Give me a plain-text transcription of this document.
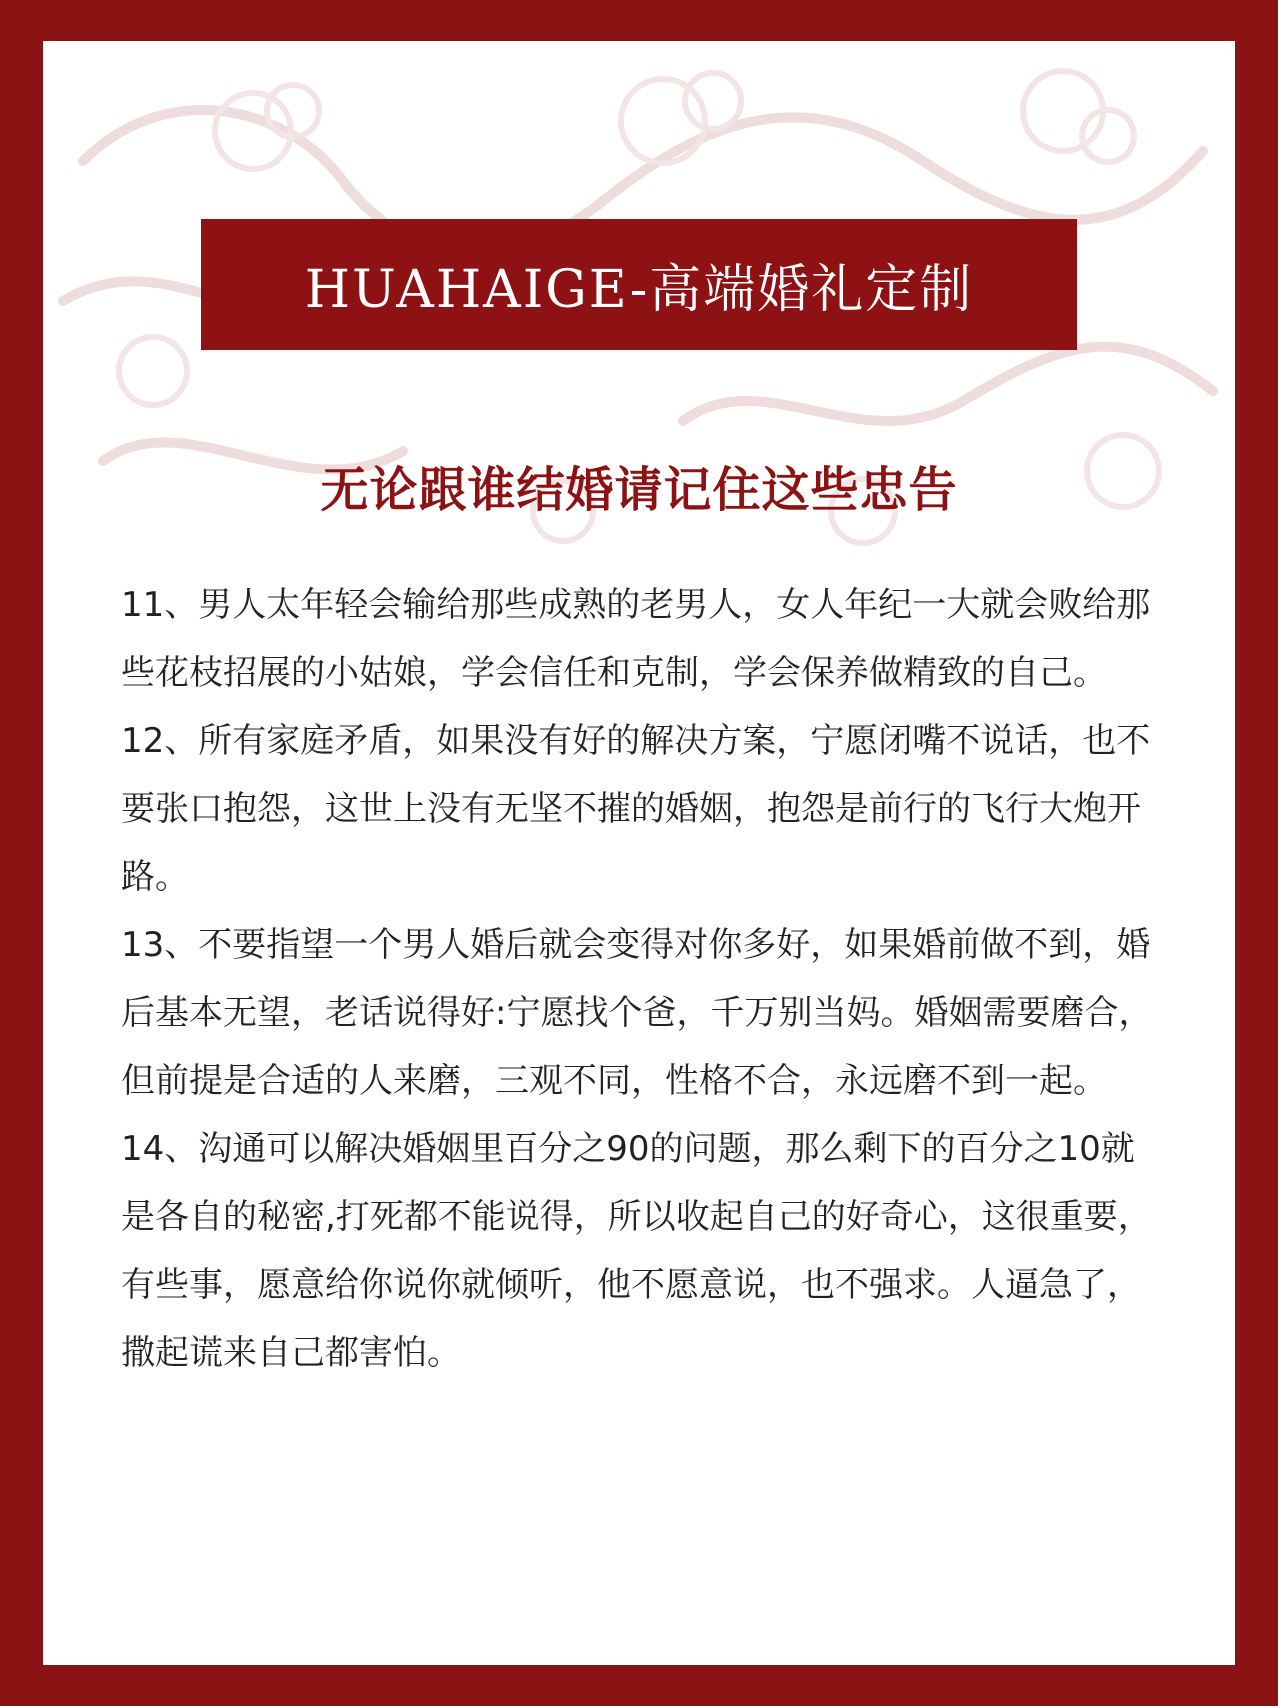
HUAHAIGE-高端婚礼定制
无论跟谁结婚请记住这些忠告

11、男人太年轻会输给那些成熟的老男人，女人年纪一大就会败给那些花枝招展的小姑娘，学会信任和克制，学会保养做精致的自己。

12、所有家庭矛盾，如果没有好的解决方案，宁愿闭嘴不说话，也不要张口抱怨，这世上没有无坚不摧的婚姻，抱怨是前行的飞行大炮开路。

13、不要指望一个男人婚后就会变得对你多好，如果婚前做不到，婚后基本无望，老话说得好:宁愿找个爸，千万别当妈。婚姻需要磨合，但前提是合适的人来磨，三观不同，性格不合，永远磨不到一起。

14、沟通可以解决婚姻里百分之90的问题，那么剩下的百分之10就是各自的秘密,打死都不能说得，所以收起自己的好奇心，这很重要，有些事，愿意给你说你就倾听，他不愿意说，也不强求。人逼急了，撒起谎来自己都害怕。
